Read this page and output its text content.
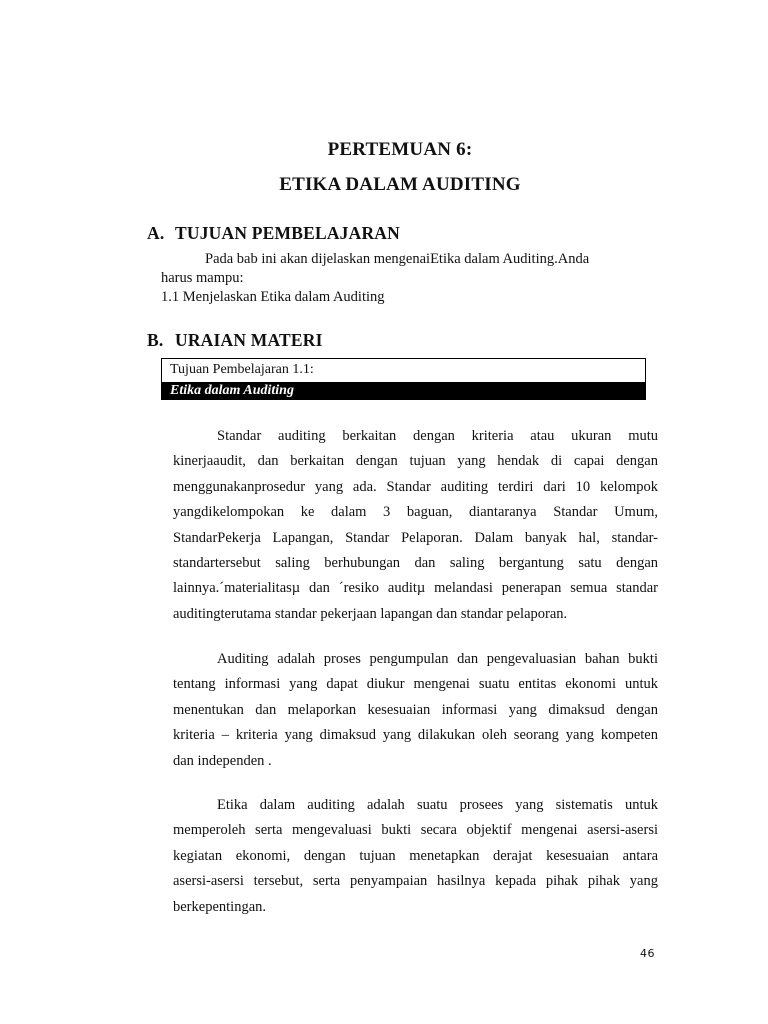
PERTEMUAN 6:
ETIKA DALAM AUDITING
A. TUJUAN PEMBELAJARAN
Pada bab ini akan dijelaskan mengenaiEtika dalam Auditing.Anda
harus mampu:
1.1 Menjelaskan Etika dalam Auditing
B. URAIAN MATERI
Tujuan Pembelajaran 1.1:
Etika dalam Auditing
Standar auditing berkaitan dengan kriteria atau ukuran mutu
kinerjaaudit, dan berkaitan dengan tujuan yang hendak di capai dengan
menggunakanprosedur yang ada. Standar auditing terdiri dari 10 kelompok
yangdikelompokan ke dalam 3 baguan, diantaranya Standar Umum,
StandarPekerja Lapangan, Standar Pelaporan. Dalam banyak hal, standar-
standartersebut saling berhubungan dan saling bergantung satu dengan
lainnya.´materialitasµ dan ´resiko auditµ melandasi penerapan semua standar
auditingterutama standar pekerjaan lapangan dan standar pelaporan.
Auditing adalah proses pengumpulan dan pengevaluasian bahan bukti
tentang informasi yang dapat diukur mengenai suatu entitas ekonomi untuk
menentukan dan melaporkan kesesuaian informasi yang dimaksud dengan
kriteria – kriteria yang dimaksud yang dilakukan oleh seorang yang kompeten
dan independen .
Etika dalam auditing adalah suatu prosees yang sistematis untuk
memperoleh serta mengevaluasi bukti secara objektif mengenai asersi-asersi
kegiatan ekonomi, dengan tujuan menetapkan derajat kesesuaian antara
asersi-asersi tersebut, serta penyampaian hasilnya kepada pihak pihak yang
berkepentingan.
46
